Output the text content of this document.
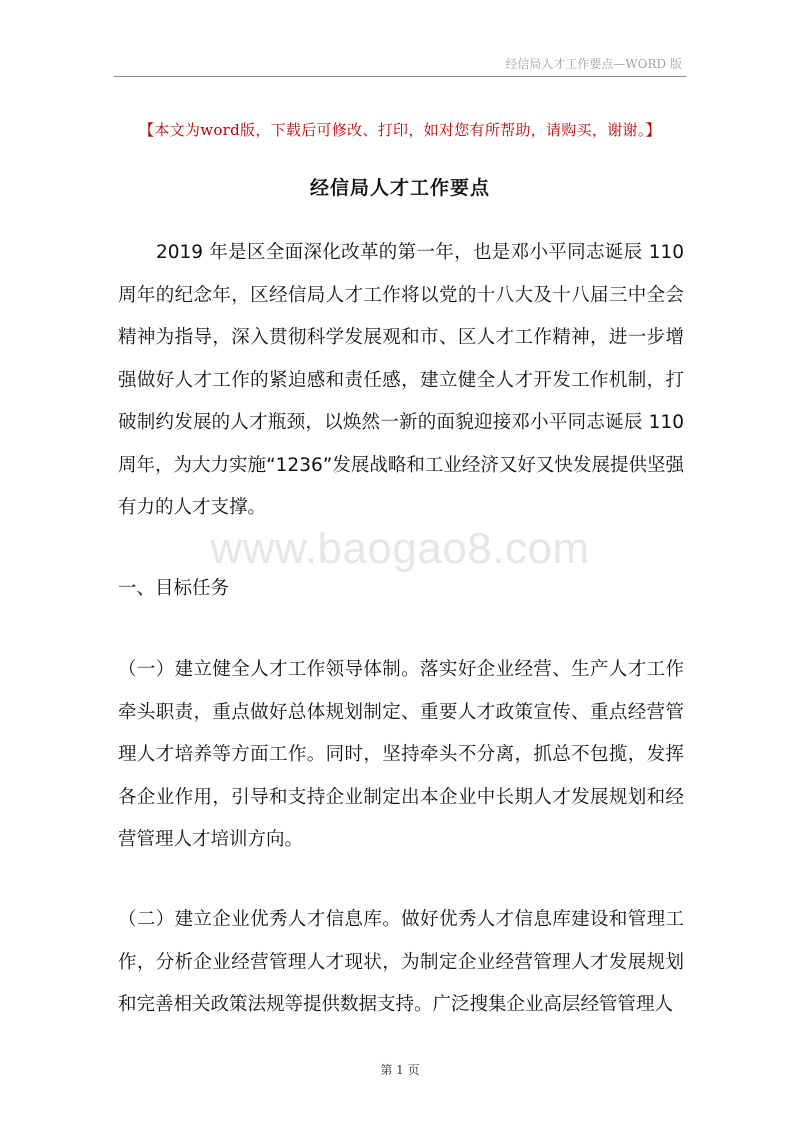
经信局人才工作要点—WORD 版
【本文为word版，下载后可修改、打印，如对您有所帮助，请购买，谢谢。】
经信局人才工作要点
2019 年是区全面深化改革的第一年，也是邓小平同志诞辰 110 周年的纪念年，区经信局人才工作将以党的十八大及十八届三中全会精神为指导，深入贯彻科学发展观和市、区人才工作精神，进一步增强做好人才工作的紧迫感和责任感，建立健全人才开发工作机制，打破制约发展的人才瓶颈，以焕然一新的面貌迎接邓小平同志诞辰 110 周年，为大力实施“1236”发展战略和工业经济又好又快发展提供坚强有力的人才支撑。
www.baogao8.com
一、目标任务
（一）建立健全人才工作领导体制。落实好企业经营、生产人才工作牵头职责，重点做好总体规划制定、重要人才政策宣传、重点经营管理人才培养等方面工作。同时，坚持牵头不分离，抓总不包揽，发挥各企业作用，引导和支持企业制定出本企业中长期人才发展规划和经营管理人才培训方向。
（二）建立企业优秀人才信息库。做好优秀人才信息库建设和管理工作，分析企业经营管理人才现状，为制定企业经营管理人才发展规划和完善相关政策法规等提供数据支持。广泛搜集企业高层经管管理人
第 1 页
